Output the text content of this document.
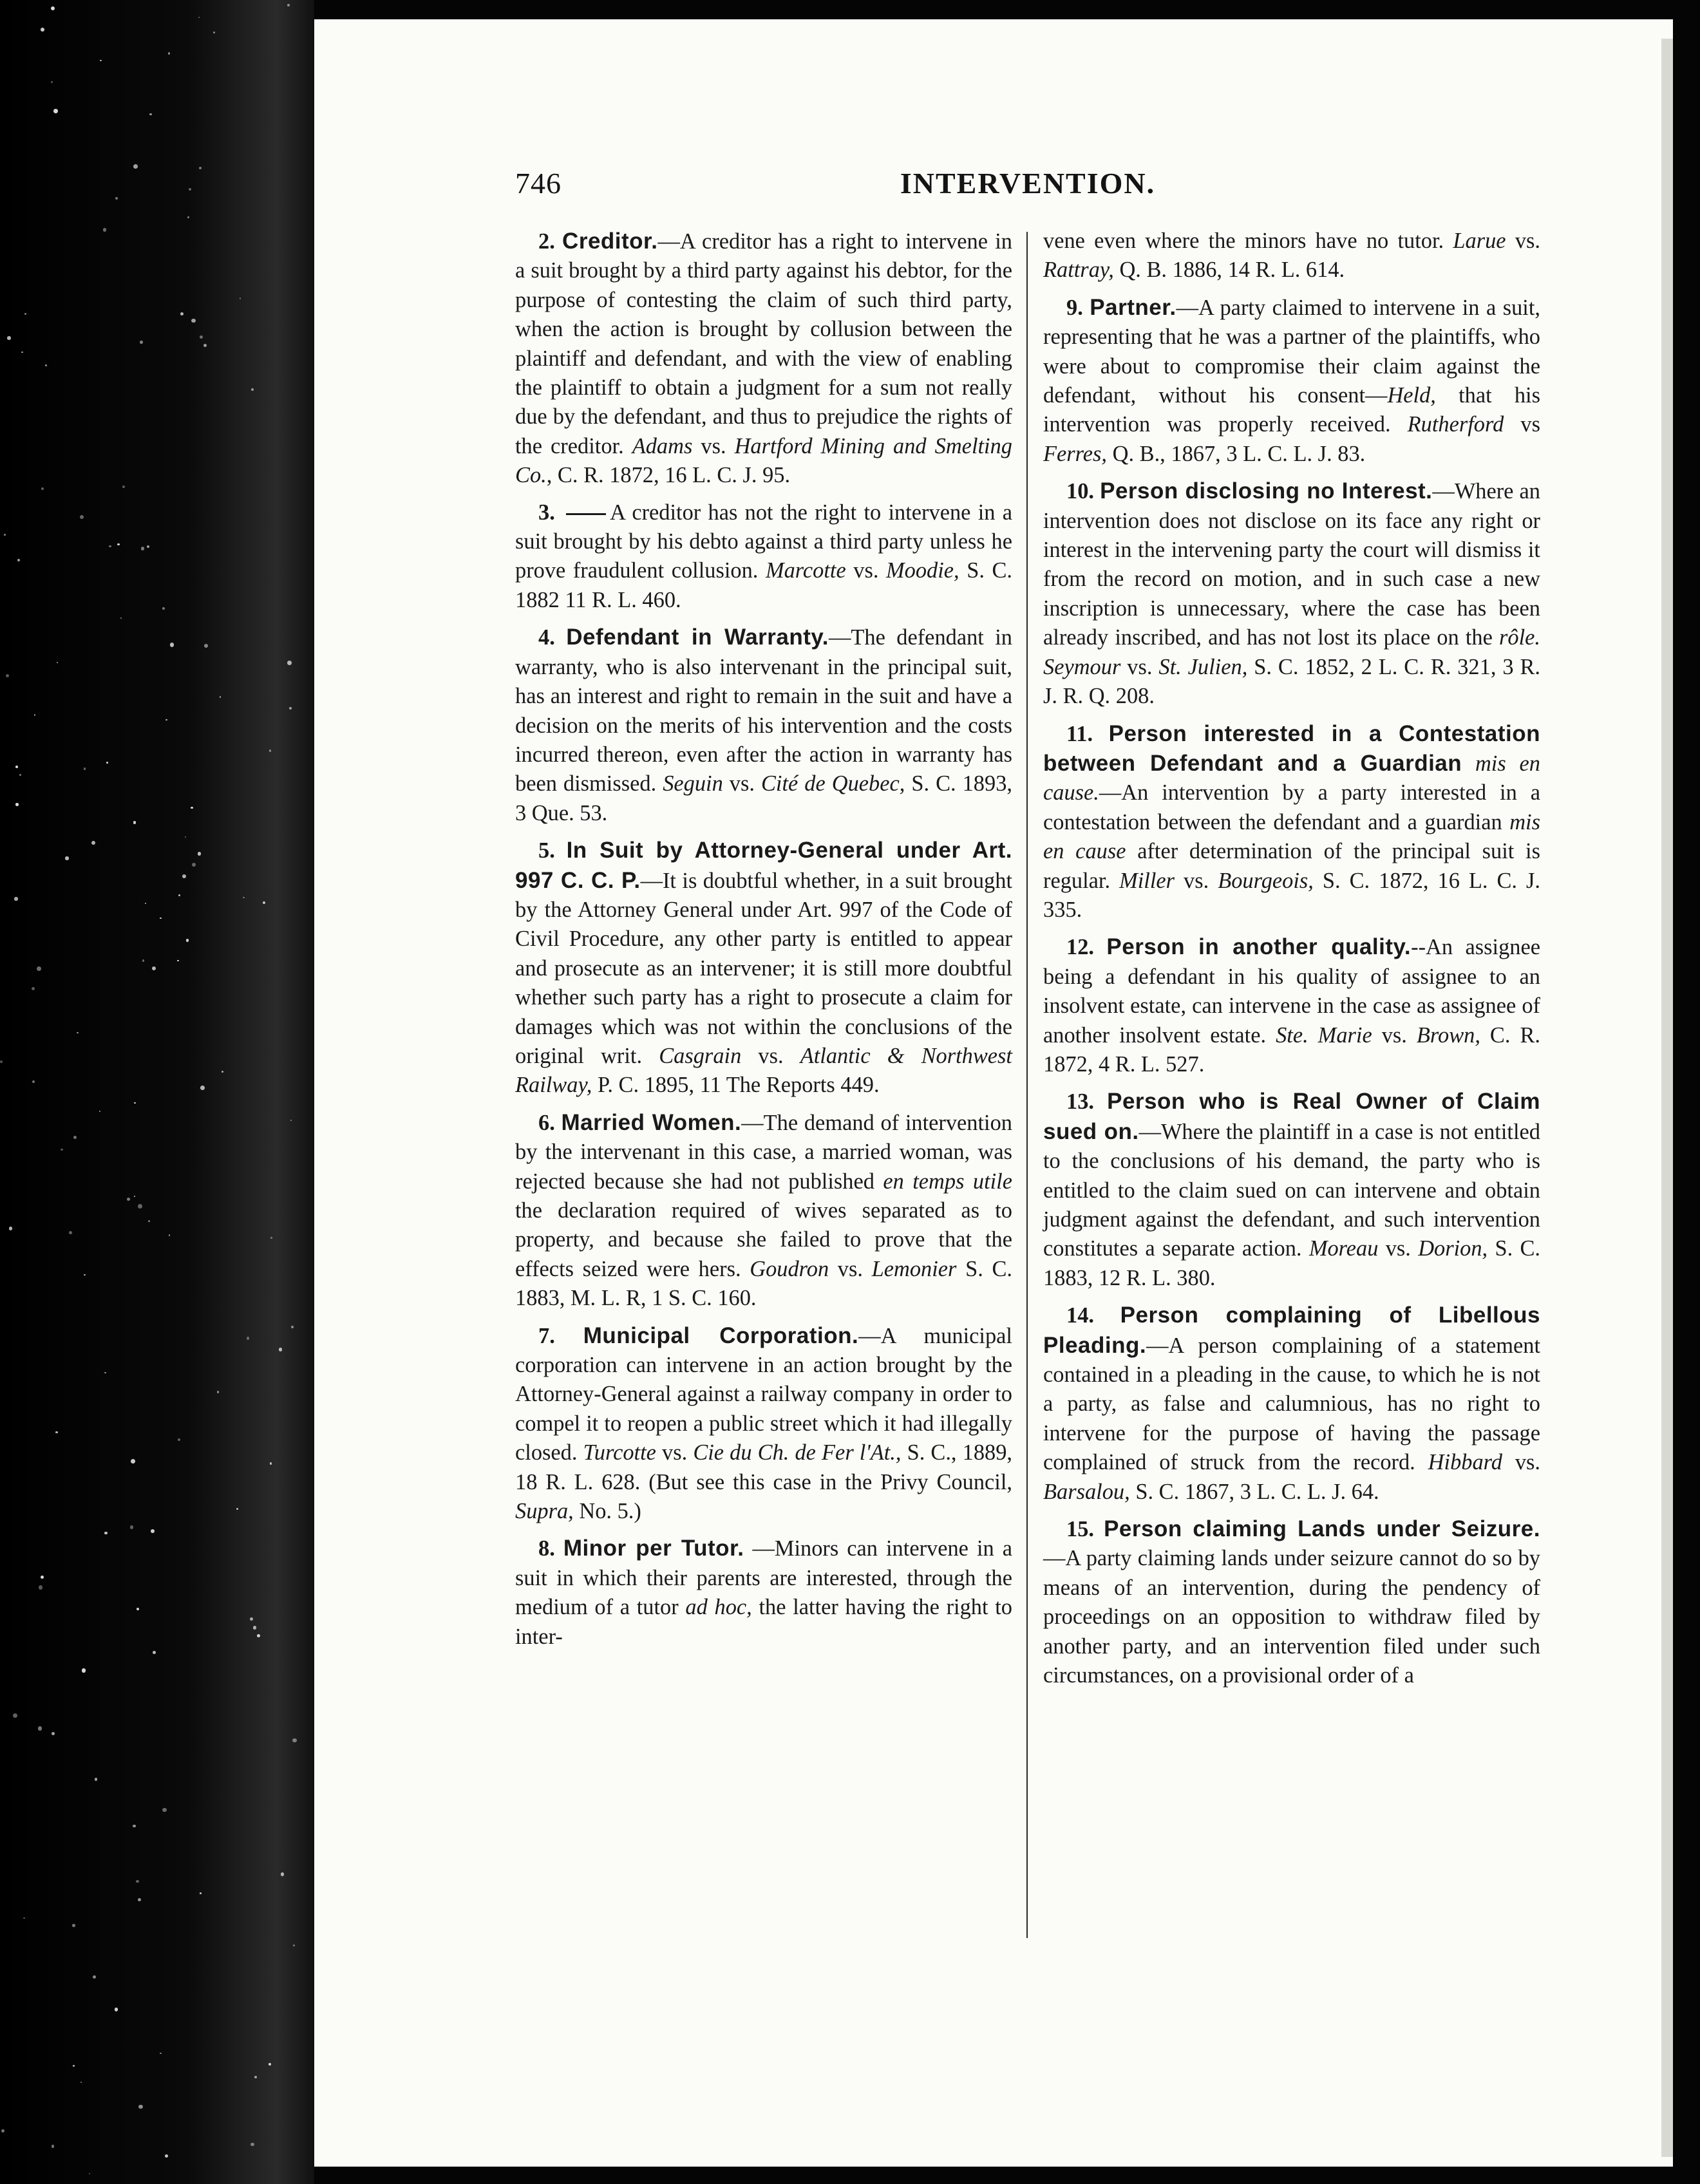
746	INTERVENTION.

2. Creditor.—A creditor has a right to intervene in a suit brought by a third party against his debtor, for the purpose of contesting the claim of such third party, when the action is brought by collusion between the plaintiff and defendant, and with the view of enabling the plaintiff to obtain a judgment for a sum not really due by the defendant, and thus to prejudice the rights of the creditor. Adams vs. Hartford Mining and Smelting Co., C. R. 1872, 16 L. C. J. 95.

3. A creditor has not the right to intervene in a suit brought by his debto against a third party unless he prove fraudulent collusion. Marcotte vs. Moodie, S. C. 1882 11 R. L. 460.

4. Defendant in Warranty.—The defendant in warranty, who is also intervenant in the principal suit, has an interest and right to remain in the suit and have a decision on the merits of his intervention and the costs incurred thereon, even after the action in warranty has been dismissed. Seguin vs. Cité de Quebec, S. C. 1893, 3 Que. 53.

5. In Suit by Attorney-General under Art. 997 C. C. P.—It is doubtful whether, in a suit brought by the Attorney General under Art. 997 of the Code of Civil Procedure, any other party is entitled to appear and prosecute as an intervener; it is still more doubtful whether such party has a right to prosecute a claim for damages which was not within the conclusions of the original writ. Casgrain vs. Atlantic & Northwest Railway, P. C. 1895, 11 The Reports 449.

6. Married Women.—The demand of intervention by the intervenant in this case, a married woman, was rejected because she had not published en temps utile the declaration required of wives separated as to property, and because she failed to prove that the effects seized were hers. Goudron vs. Lemonier S. C. 1883, M. L. R, 1 S. C. 160.

7. Municipal Corporation.—A municipal corporation can intervene in an action brought by the Attorney-General against a railway company in order to compel it to reopen a public street which it had illegally closed. Turcotte vs. Cie du Ch. de Fer l'At., S. C., 1889, 18 R. L. 628. (But see this case in the Privy Council, Supra, No. 5.)

8. Minor per Tutor. —Minors can intervene in a suit in which their parents are interested, through the medium of a tutor ad hoc, the latter having the right to inter-

vene even where the minors have no tutor. Larue vs. Rattray, Q. B. 1886, 14 R. L. 614.

9. Partner.—A party claimed to intervene in a suit, representing that he was a partner of the plaintiffs, who were about to compromise their claim against the defendant, without his consent—Held, that his intervention was properly received. Rutherford vs Ferres, Q. B., 1867, 3 L. C. L. J. 83.

10. Person disclosing no Interest.—Where an intervention does not disclose on its face any right or interest in the intervening party the court will dismiss it from the record on motion, and in such case a new inscription is unnecessary, where the case has been already inscribed, and has not lost its place on the rôle. Seymour vs. St. Julien, S. C. 1852, 2 L. C. R. 321, 3 R. J. R. Q. 208.

11. Person interested in a Contestation between Defendant and a Guardian mis en cause.—An intervention by a party interested in a contestation between the defendant and a guardian mis en cause after determination of the principal suit is regular. Miller vs. Bourgeois, S. C. 1872, 16 L. C. J. 335.

12. Person in another quality.--An assignee being a defendant in his quality of assignee to an insolvent estate, can intervene in the case as assignee of another insolvent estate. Ste. Marie vs. Brown, C. R. 1872, 4 R. L. 527.

13. Person who is Real Owner of Claim sued on.—Where the plaintiff in a case is not entitled to the conclusions of his demand, the party who is entitled to the claim sued on can intervene and obtain judgment against the defendant, and such intervention constitutes a separate action. Moreau vs. Dorion, S. C. 1883, 12 R. L. 380.

14. Person complaining of Libellous Pleading.—A person complaining of a statement contained in a pleading in the cause, to which he is not a party, as false and calumnious, has no right to intervene for the purpose of having the passage complained of struck from the record. Hibbard vs. Barsalou, S. C. 1867, 3 L. C. L. J. 64.

15. Person claiming Lands under Seizure.—A party claiming lands under seizure cannot do so by means of an intervention, during the pendency of proceedings on an opposition to withdraw filed by another party, and an intervention filed under such circumstances, on a provisional order of a
